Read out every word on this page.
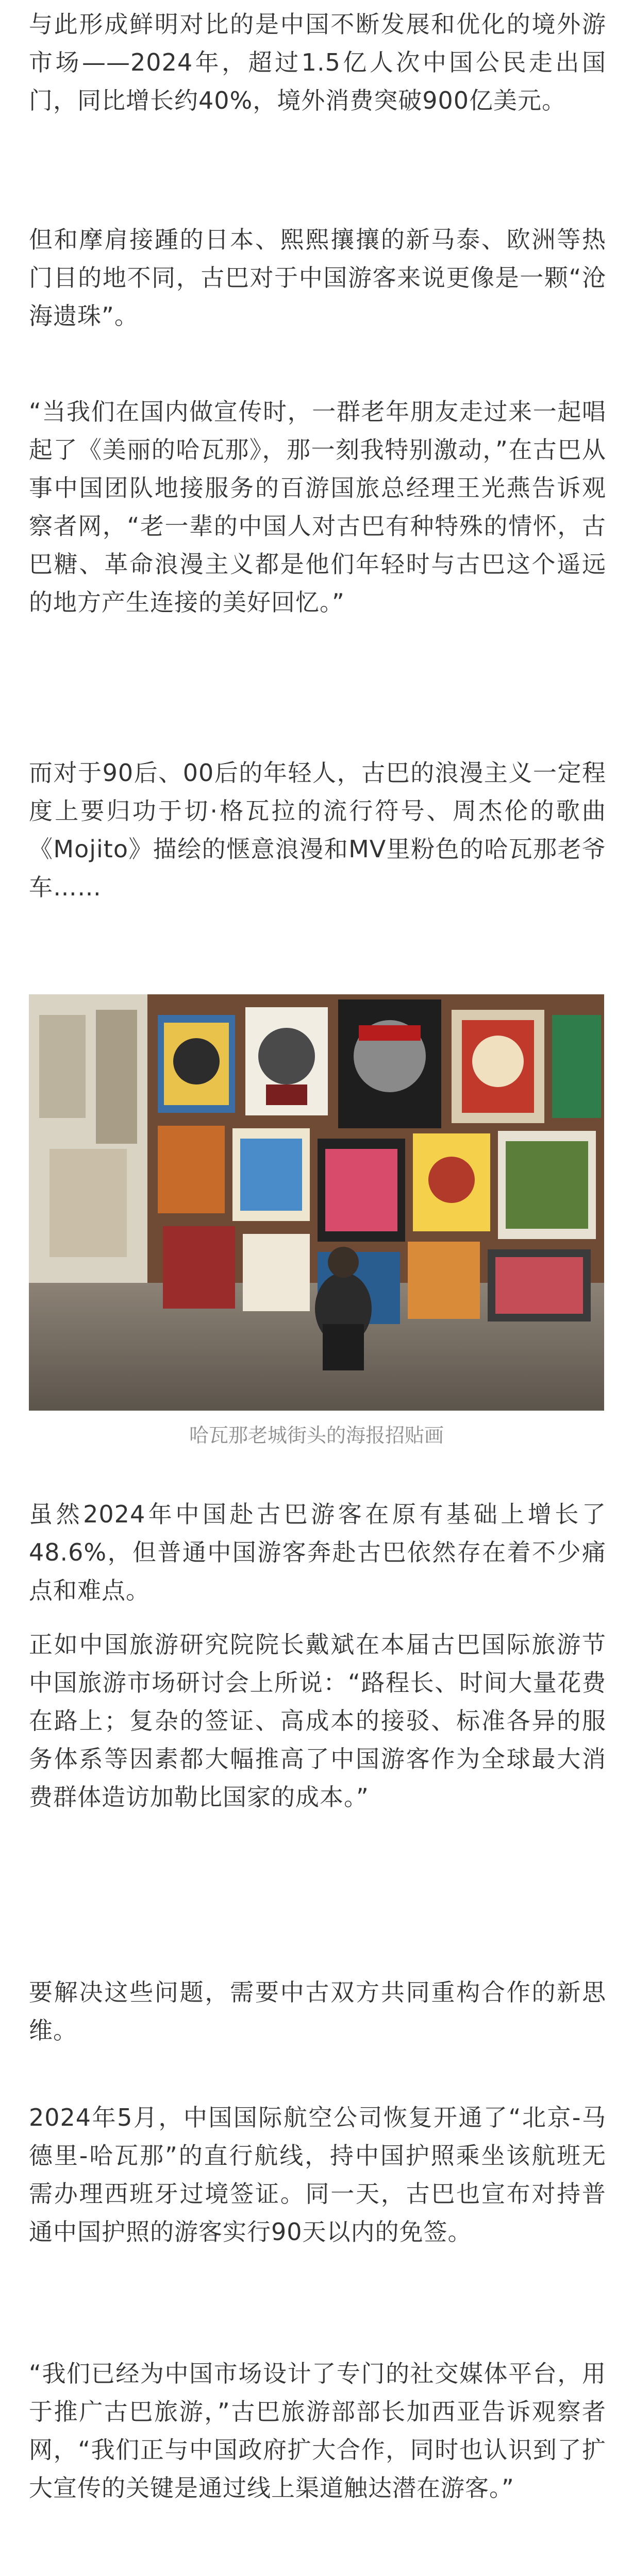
与此形成鲜明对比的是中国不断发展和优化的境外游市场——2024年，超过1.5亿人次中国公民走出国门，同比增长约40%，境外消费突破900亿美元。

但和摩肩接踵的日本、熙熙攘攘的新马泰、欧洲等热门目的地不同，古巴对于中国游客来说更像是一颗“沧海遗珠”。

“当我们在国内做宣传时，一群老年朋友走过来一起唱起了《美丽的哈瓦那》，那一刻我特别激动，”在古巴从事中国团队地接服务的百游国旅总经理王光燕告诉观察者网，“老一辈的中国人对古巴有种特殊的情怀，古巴糖、革命浪漫主义都是他们年轻时与古巴这个遥远的地方产生连接的美好回忆。”

而对于90后、00后的年轻人，古巴的浪漫主义一定程度上要归功于切·格瓦拉的流行符号、周杰伦的歌曲《Mojito》描绘的惬意浪漫和MV里粉色的哈瓦那老爷车……

哈瓦那老城街头的海报招贴画

虽然2024年中国赴古巴游客在原有基础上增长了48.6%，但普通中国游客奔赴古巴依然存在着不少痛点和难点。

正如中国旅游研究院院长戴斌在本届古巴国际旅游节中国旅游市场研讨会上所说：“路程长、时间大量花费在路上；复杂的签证、高成本的接驳、标准各异的服务体系等因素都大幅推高了中国游客作为全球最大消费群体造访加勒比国家的成本。”

要解决这些问题，需要中古双方共同重构合作的新思维。

2024年5月，中国国际航空公司恢复开通了“北京-马德里-哈瓦那”的直行航线，持中国护照乘坐该航班无需办理西班牙过境签证。同一天，古巴也宣布对持普通中国护照的游客实行90天以内的免签。

“我们已经为中国市场设计了专门的社交媒体平台，用于推广古巴旅游，”古巴旅游部部长加西亚告诉观察者网，“我们正与中国政府扩大合作，同时也认识到了扩大宣传的关键是通过线上渠道触达潜在游客。”
